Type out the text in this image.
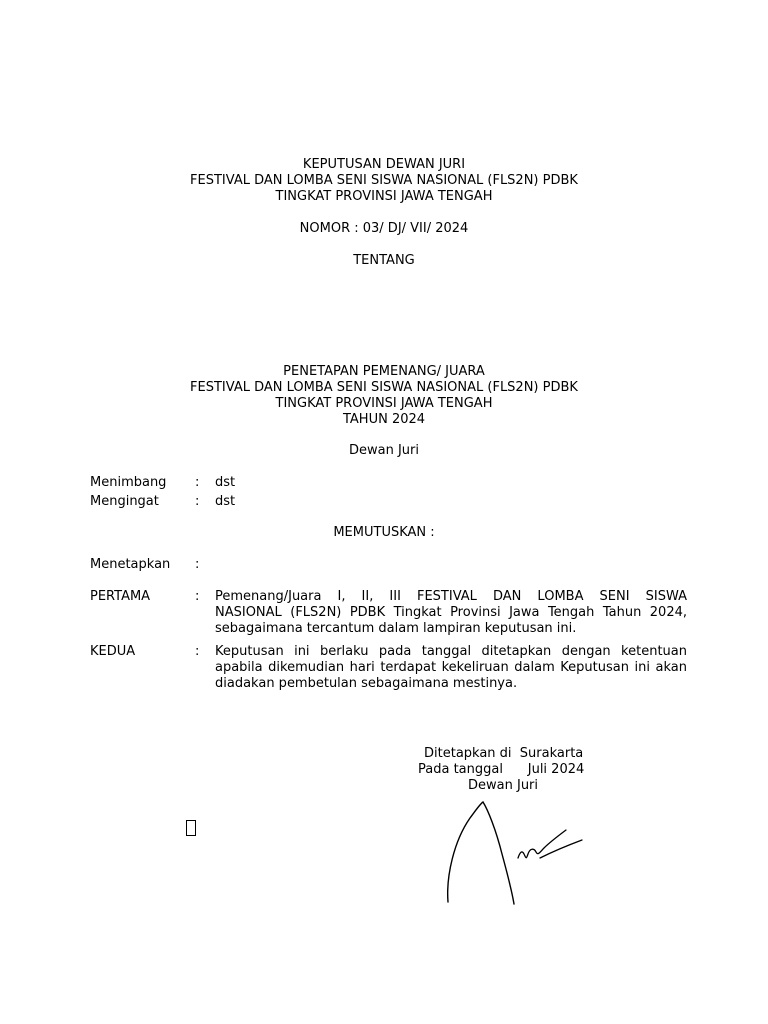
KEPUTUSAN DEWAN JURI
FESTIVAL DAN LOMBA SENI SISWA NASIONAL (FLS2N) PDBK
TINGKAT PROVINSI JAWA TENGAH
NOMOR : 03/ DJ/ VII/ 2024
TENTANG
PENETAPAN PEMENANG/ JUARA
FESTIVAL DAN LOMBA SENI SISWA NASIONAL (FLS2N) PDBK
TINGKAT PROVINSI JAWA TENGAH
TAHUN 2024
Dewan Juri
Menimbang : dst
Mengingat	: dst
MEMUTUSKAN :
Menetapkan :
PERTAMA	: Pemenang/Juara I, II, III FESTIVAL DAN LOMBA SENI SISWA
NASIONAL (FLS2N) PDBK Tingkat Provinsi Jawa Tengah Tahun 2024,
sebagaimana tercantum dalam lampiran keputusan ini.
KEDUA	: Keputusan ini berlaku pada tanggal ditetapkan dengan ketentuan
apabila dikemudian hari terdapat kekeliruan dalam Keputusan ini akan
diadakan pembetulan sebagaimana mestinya.
Ditetapkan di  Surakarta
Pada tanggal      Juli 2024
Dewan Juri
